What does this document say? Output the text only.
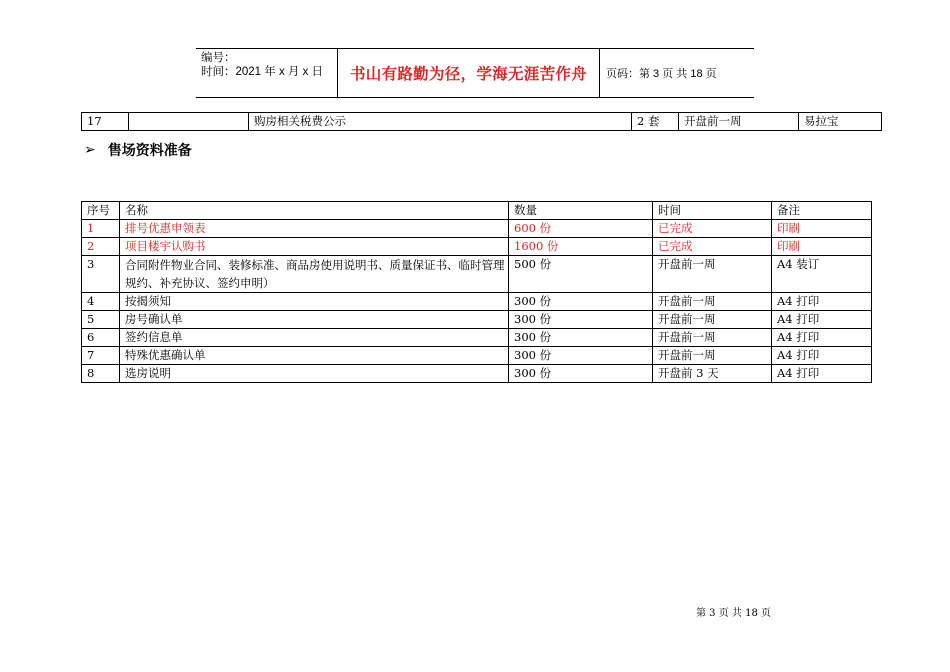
编号：
时间：2021 年 x 月 x 日	书山有路勤为径，学海无涯苦作舟	页码：第 3 页 共 18 页
17		购房相关税费公示	2 套	开盘前一周	易拉宝
➢ 售场资料准备
序号	名称	数量	时间	备注
1	排号优惠申领表	600 份	已完成	印刷
2	项目楼宇认购书	1600 份	已完成	印刷
3	合同附件物业合同、装修标准、商品房使用说明书、质量保证书、临时管理规约、补充协议、签约申明）	500 份	开盘前一周	A4 装订
4	按揭须知	300 份	开盘前一周	A4 打印
5	房号确认单	300 份	开盘前一周	A4 打印
6	签约信息单	300 份	开盘前一周	A4 打印
7	特殊优惠确认单	300 份	开盘前一周	A4 打印
8	选房说明	300 份	开盘前 3 天	A4 打印
第 3 页 共 18 页
